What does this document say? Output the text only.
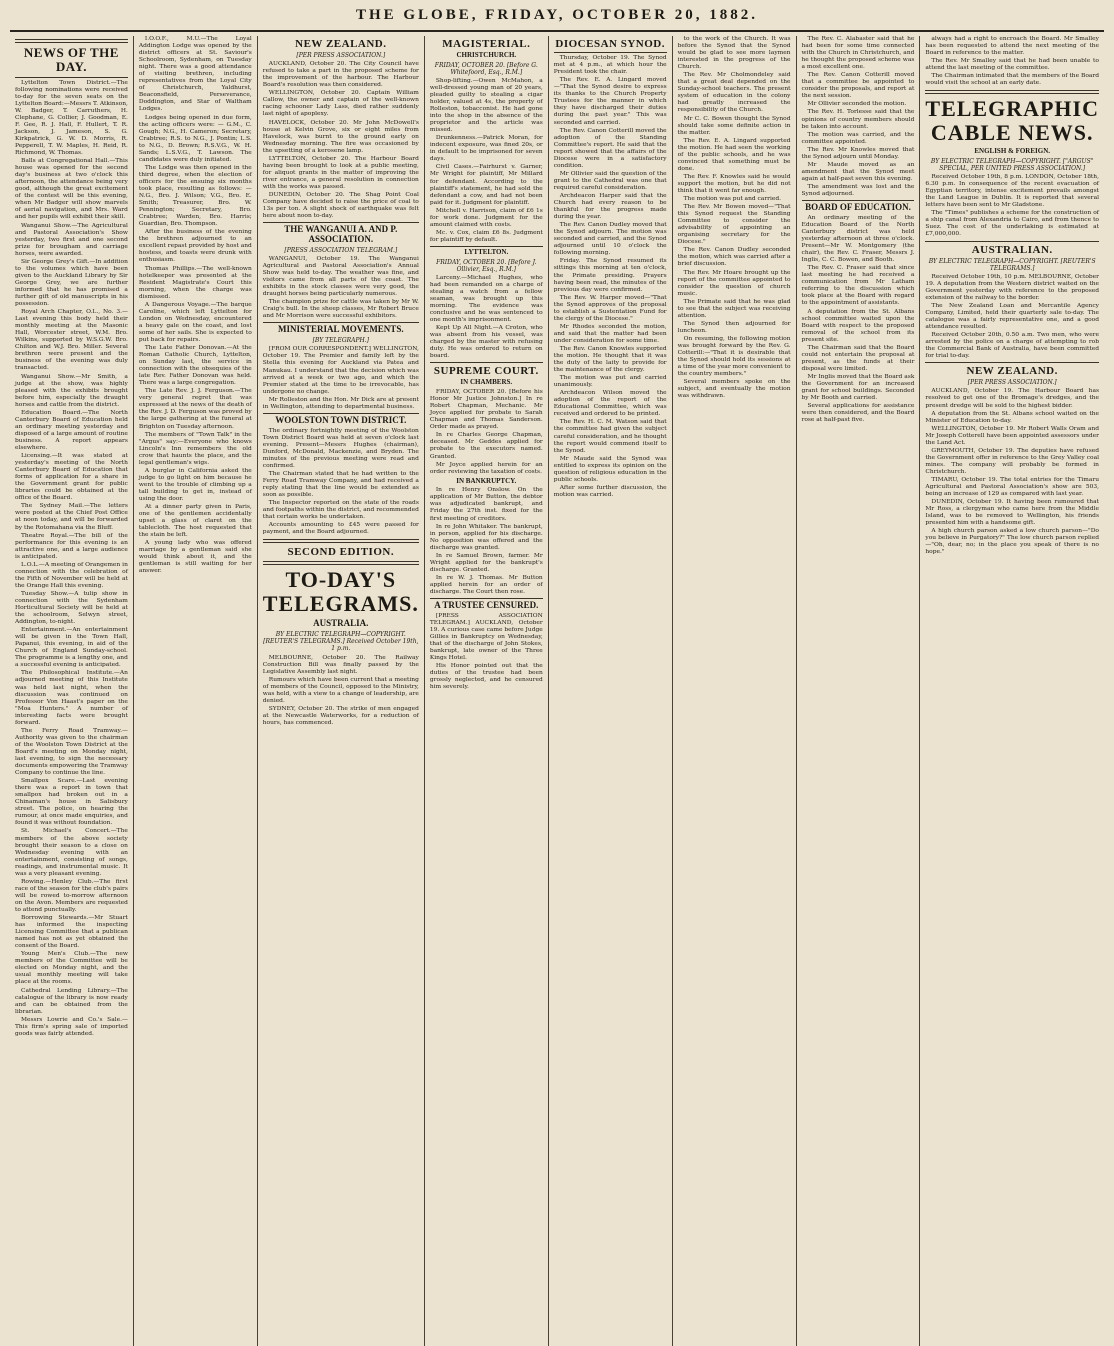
THE GLOBE, FRIDAY, OCTOBER 20, 1882.
NEWS OF THE DAY.

Lyttelton Town District.—The following nominations were received to-day for the seven seats on the Lyttelton Board:—Messrs T. Atkinson, W. Badger, T. Carruthers, H. Clephane, G. Collier, J. Goodman, E. F. Gee, R. J. Hall, F. Hullert, T. R. Jackson, J. Jameson, S. G. Kirkpatrick, G. W. D. Morris, R. Pepperell, T. W. Maples, H. Reid, R. Richmond, W. Thomas.

Balls at Congregational Hall.—This house was opened for the second day's business at two o'clock this afternoon, the attendance being very good, although the great excitement of the contest will be this evening, when Mr Badger will show marvels of aerial navigation, and Mrs. Ward and her pupils will exhibit their skill.

Wanganui Show.—The Agricultural and Pastoral Association's Show yesterday, two first and one second prize for brougham and carriage horses, were awarded.

Sir George Grey's Gift.—In addition to the volumes which have been given to the Auckland Library by Sir George Grey, we are further informed that he has promised a further gift of old manuscripts in his possession.

Royal Arch Chapter, O.L., No. 3.—Last evening this body held their monthly meeting at the Masonic Hall, Worcester street, W.M. Bro. Wilkins, supported by W.S.G.W. Bro. Chilton and W.J. Bro. Miller. Several brethren were present and the business of the evening was duly transacted.

Wanganui Show.—Mr Smith, a judge at the show, was highly pleased with the exhibits brought before him, especially the draught horses and cattle from the district.

Education Board.—The North Canterbury Board of Education held an ordinary meeting yesterday and disposed of a large amount of routine business. A report appears elsewhere.

Licensing.—It was stated at yesterday's meeting of the North Canterbury Board of Education that forms of application for a share in the Government grant for public libraries could be obtained at the office of the Board.

The Sydney Mail.—The letters were posted at the Chief Post Office at noon today, and will be forwarded by the Rotomahana via the Bluff.

Theatre Royal.—The bill of the performance for this evening is an attractive one, and a large audience is anticipated.

L.O.L.—A meeting of Orangemen in connection with the celebration of the Fifth of November will be held at the Orange Hall this evening.

Tuesday Show.—A tulip show in connection with the Sydenham Horticultural Society will be held at the schoolroom, Selwyn street, Addington, to-night.

Entertainment.—An entertainment will be given in the Town Hall, Papanui, this evening, in aid of the Church of England Sunday-school. The programme is a lengthy one, and a successful evening is anticipated.

The Philosophical Institute.—An adjourned meeting of this Institute was held last night, when the discussion was continued on Professor Von Haast's paper on the "Moa Hunters." A number of interesting facts were brought forward.

The Ferry Road Tramway.—Authority was given to the chairman of the Woolston Town District at the Board's meeting on Monday night, last evening, to sign the necessary documents empowering the Tramway Company to continue the line.

Smallpox Scare.—Last evening there was a report in town that smallpox had broken out in a Chinaman's house in Salisbury street. The police, on hearing the rumour, at once made enquiries, and found it was without foundation.

St. Michael's Concert.—The members of the above society brought their season to a close on Wednesday evening with an entertainment, consisting of songs, readings, and instrumental music. It was a very pleasant evening.

Rowing.—Henley Club.—The first race of the season for the club's pairs will be rowed to-morrow afternoon on the Avon. Members are requested to attend punctually.

Borrowing Stewards.—Mr Stuart has informed the inspecting Licensing Committee that a publican named has not as yet obtained the consent of the Board.

Young Men's Club.—The new members of the Committee will be elected on Monday night, and the usual monthly meeting will take place at the rooms.

Cathedral Lending Library.—The catalogue of the library is now ready and can be obtained from the librarian.

Messrs Lowrie and Co.'s Sale.—This firm's spring sale of imported goods was fairly attended.

I.O.O.F., M.U.—The Loyal Addington Lodge was opened by the district officers at St. Saviour's Schoolroom, Sydenham, on Tuesday night. There was a good attendance of visiting brethren, including representatives from the Loyal City of Christchurch, Yaldhurst, Beaconsfield, Perseverance, Doddington, and Star of Waltham Lodges.

Lodges being opened in due form, the acting officers were: — G.M., C. Gough; N.G., H. Cameron; Secretary, Crabtree; R.S. to N.G., J. Pontin; L.S. to N.G., D. Brown; R.S.V.G., W. H. Sands; L.S.V.G., T. Lawson. The candidates were duly initiated.

The Lodge was then opened in the third degree, when the election of officers for the ensuing six months took place, resulting as follows: — N.G., Bro. J. Wilson; V.G., Bro. E. Smith; Treasurer, Bro. W. Pennington; Secretary, Bro. Crabtree; Warden, Bro. Harris; Guardian, Bro. Thompson.

After the business of the evening the brethren adjourned to an excellent repast provided by host and hostess, and toasts were drunk with enthusiasm.

Thomas Phillips.—The well-known hotelkeeper was presented at the Resident Magistrate's Court this morning, when the charge was dismissed.

A Dangerous Voyage.—The barque Caroline, which left Lyttelton for London on Wednesday, encountered a heavy gale on the coast, and lost some of her sails. She is expected to put back for repairs.

The Late Father Donovan.—At the Roman Catholic Church, Lyttelton, on Sunday last, the service in connection with the obsequies of the late Rev. Father Donovan was held. There was a large congregation.

The Late Rev. J. J. Ferguson.—The very general regret that was expressed at the news of the death of the Rev. J. D. Ferguson was proved by the large gathering at the funeral at Brighton on Tuesday afternoon.

The members of "Town Talk" in the "Argus" say:—Everyone who knows Lincoln's Inn remembers the old crow that haunts the place, and the legal gentleman's wigs.

A burglar in California asked the judge to go light on him because he went to the trouble of climbing up a tall building to get in, instead of using the door.

At a dinner party given in Paris, one of the gentlemen accidentally upset a glass of claret on the tablecloth. The host requested that the stain be left.

A young lady who was offered marriage by a gentleman said she would think about it, and the gentleman is still waiting for her answer.

NEW ZEALAND.
[PER PRESS ASSOCIATION.]

AUCKLAND, October 20. The City Council have refused to take a part in the proposed scheme for the improvement of the harbour. The Harbour Board's resolution was then considered.

WELLINGTON, October 20. Captain William Callow, the owner and captain of the well-known racing schooner Lady Lass, died rather suddenly last night of apoplexy.

HAVELOCK, October 20. Mr John McDowell's house at Kelvin Grove, six or eight miles from Havelock, was burnt to the ground early on Wednesday morning. The fire was occasioned by the upsetting of a kerosene lamp.

LYTTELTON, October 20. The Harbour Board having been brought to look at a public meeting, for aliquot grants in the matter of improving the river entrance, a general resolution in connection with the works was passed.

DUNEDIN, October 20. The Shag Point Coal Company have decided to raise the price of coal to 13s per ton. A slight shock of earthquake was felt here about noon to-day.

THE WANGANUI A. AND P. ASSOCIATION.
[PRESS ASSOCIATION TELEGRAM.]

WANGANUI, October 19. The Wanganui Agricultural and Pastoral Association's Annual Show was held to-day. The weather was fine, and visitors came from all parts of the coast. The exhibits in the stock classes were very good, the draught horses being particularly numerous.

The champion prize for cattle was taken by Mr W. Craig's bull. In the sheep classes, Mr Robert Bruce and Mr Morrison were successful exhibitors.

MINISTERIAL MOVEMENTS.
[BY TELEGRAPH.]

[FROM OUR CORRESPONDENT.] WELLINGTON, October 19. The Premier and family left by the Stella this evening for Auckland via Patea and Manukau. I understand that the decision which was arrived at a week or two ago, and which the Premier stated at the time to be irrevocable, has undergone no change.

Mr Rolleston and the Hon. Mr Dick are at present in Wellington, attending to departmental business.

WOOLSTON TOWN DISTRICT.

The ordinary fortnightly meeting of the Woolston Town District Board was held at seven o'clock last evening. Present—Messrs Hughes (chairman), Dunford, McDonald, Mackenzie, and Bryden. The minutes of the previous meeting were read and confirmed.

The Chairman stated that he had written to the Ferry Road Tramway Company, and had received a reply stating that the line would be extended as soon as possible.

The Inspector reported on the state of the roads and footpaths within the district, and recommended that certain works be undertaken.

Accounts amounting to £45 were passed for payment, and the Board adjourned.

SECOND EDITION.
TO-DAY'S TELEGRAMS.
AUSTRALIA.
BY ELECTRIC TELEGRAPH—COPYRIGHT. [REUTER'S TELEGRAMS.] Received October 19th, 1 p.m.

MELBOURNE, October 20. The Railway Construction Bill was finally passed by the Legislative Assembly last night.

Rumours which have been current that a meeting of members of the Council, opposed to the Ministry, was held, with a view to a change of leadership, are denied.

SYDNEY, October 20. The strike of men engaged at the Newcastle Waterworks, for a reduction of hours, has commenced.

MAGISTERIAL.
CHRISTCHURCH.
FRIDAY, OCTOBER 20. [Before G. Whitefoord, Esq., R.M.]

Shop-lifting.—Owen McMahon, a well-dressed young man of 20 years, pleaded guilty to stealing a cigar holder, valued at 4s, the property of Rolleston, tobacconist. He had gone into the shop in the absence of the proprietor and the article was missed.

Drunkenness.—Patrick Moran, for indecent exposure, was fined 20s, or in default to be imprisoned for seven days.

Civil Cases.—Fairhurst v. Garner, Mr Wright for plaintiff, Mr Millard for defendant. According to the plaintiff's statement, he had sold the defendant a cow, and had not been paid for it. Judgment for plaintiff.

Mitchell v. Harrison, claim of £6 1s for work done. Judgment for the amount claimed with costs.

Mc. v. Cox, claim £6 8s. Judgment for plaintiff by default.

LYTTELTON.
FRIDAY, OCTOBER 20. [Before J. Ollivier, Esq., R.M.]

Larceny.—Michael Hughes, who had been remanded on a charge of stealing a watch from a fellow seaman, was brought up this morning. The evidence was conclusive and he was sentenced to one month's imprisonment.

Kept Up All Night.—A Croton, who was absent from his vessel, was charged by the master with refusing duty. He was ordered to return on board.

SUPREME COURT.
IN CHAMBERS.

FRIDAY, OCTOBER 20. [Before his Honor Mr Justice Johnston.] In re Robert Chapman, Mechanic. Mr Joyce applied for probate to Sarah Chapman and Thomas Sanderson. Order made as prayed.

In re Charles George Chapman, deceased. Mr Geddes applied for probate to the executors named. Granted.

Mr Joyce applied herein for an order reviewing the taxation of costs.

IN BANKRUPTCY.

In re Henry Onslow. On the application of Mr Button, the debtor was adjudicated bankrupt, and Friday the 27th inst. fixed for the first meeting of creditors.

In re John Whitaker. The bankrupt, in person, applied for his discharge. No opposition was offered and the discharge was granted.

In re Samuel Brown, farmer. Mr Wright applied for the bankrupt's discharge. Granted.

In re W. J. Thomas. Mr Button applied herein for an order of discharge. The Court then rose.

A TRUSTEE CENSURED.

[PRESS ASSOCIATION TELEGRAM.] AUCKLAND, October 19. A curious case came before Judge Gillies in Bankruptcy on Wednesday, that of the discharge of John Stokes, bankrupt, late owner of the Three Kings Hotel.

His Honor pointed out that the duties of the trustee had been grossly neglected, and he censured him severely.

DIOCESAN SYNOD.

Thursday, October 19. The Synod met at 4 p.m., at which hour the President took the chair.

The Rev. E. A. Lingard moved—"That the Synod desire to express its thanks to the Church Property Trustees for the manner in which they have discharged their duties during the past year." This was seconded and carried.

The Rev. Canon Cotterill moved the adoption of the Standing Committee's report. He said that the report showed that the affairs of the Diocese were in a satisfactory condition.

Mr Ollivier said the question of the grant to the Cathedral was one that required careful consideration.

Archdeacon Harper said that the Church had every reason to be thankful for the progress made during the year.

The Rev. Canon Dudley moved that the Synod adjourn. The motion was seconded and carried, and the Synod adjourned until 10 o'clock the following morning.

Friday. The Synod resumed its sittings this morning at ten o'clock, the Primate presiding. Prayers having been read, the minutes of the previous day were confirmed.

The Rev. W. Harper moved—"That the Synod approves of the proposal to establish a Sustentation Fund for the clergy of the Diocese."

Mr Rhodes seconded the motion, and said that the matter had been under consideration for some time.

The Rev. Canon Knowles supported the motion. He thought that it was the duty of the laity to provide for the maintenance of the clergy.

The motion was put and carried unanimously.

Archdeacon Wilson moved the adoption of the report of the Educational Committee, which was received and ordered to be printed.

The Rev. H. C. M. Watson said that the committee had given the subject careful consideration, and he thought the report would commend itself to the Synod.

Mr Maude said the Synod was entitled to express its opinion on the question of religious education in the public schools.

After some further discussion, the motion was carried.

to the work of the Church. It was before the Synod that the Synod would be glad to see more laymen interested in the progress of the Church.

The Rev. Mr Cholmondeley said that a great deal depended on the Sunday-school teachers. The present system of education in the colony had greatly increased the responsibility of the Church.

Mr C. C. Bowen thought the Synod should take some definite action in the matter.

The Rev. E. A. Lingard supported the motion. He had seen the working of the public schools, and he was convinced that something must be done.

The Rev. F. Knowles said he would support the motion, but he did not think that it went far enough.

The motion was put and carried.

The Rev. Mr Bowen moved—"That this Synod request the Standing Committee to consider the advisability of appointing an organising secretary for the Diocese."

The Rev. Canon Dudley seconded the motion, which was carried after a brief discussion.

The Rev. Mr Hoare brought up the report of the committee appointed to consider the question of church music.

The Primate said that he was glad to see that the subject was receiving attention.

The Synod then adjourned for luncheon.

On resuming, the following motion was brought forward by the Rev. G. Cotterill:—"That it is desirable that the Synod should hold its sessions at a time of the year more convenient to the country members."

Several members spoke on the subject, and eventually the motion was withdrawn.

The Rev. C. Alabaster said that he had been for some time connected with the Church in Christchurch, and he thought the proposed scheme was a most excellent one.

The Rev. Canon Cotterill moved that a committee be appointed to consider the proposals, and report at the next session.

Mr Ollivier seconded the motion.

The Rev. H. Torlesse said that the opinions of country members should be taken into account.

The motion was carried, and the committee appointed.

The Rev. Mr Knowles moved that the Synod adjourn until Monday.

Mr Maude moved as an amendment that the Synod meet again at half-past seven this evening.

The amendment was lost and the Synod adjourned.

BOARD OF EDUCATION.

An ordinary meeting of the Education Board of the North Canterbury district was held yesterday afternoon at three o'clock. Present—Mr W. Montgomery (the chair), the Rev. C. Fraser, Messrs J. Inglis, C. C. Bowen, and Booth.

The Rev. C. Fraser said that since last meeting he had received a communication from Mr Latham referring to the discussion which took place at the Board with regard to the appointment of assistants.

A deputation from the St. Albans school committee waited upon the Board with respect to the proposed removal of the school from its present site.

The Chairman said that the Board could not entertain the proposal at present, as the funds at their disposal were limited.

Mr Inglis moved that the Board ask the Government for an increased grant for school buildings. Seconded by Mr Booth and carried.

Several applications for assistance were then considered, and the Board rose at half-past five.

always had a right to encroach the Board. Mr Smalley has been requested to attend the next meeting of the Board in reference to the matter.

The Rev. Mr Smalley said that he had been unable to attend the last meeting of the committee.

The Chairman intimated that the members of the Board would visit the school at an early date.

TELEGRAPHIC CABLE NEWS.
ENGLISH & FOREIGN.
BY ELECTRIC TELEGRAPH—COPYRIGHT. ["ARGUS" SPECIAL, PER UNITED PRESS ASSOCIATION.]

Received October 19th, 8 p.m. LONDON, October 18th, 6.30 p.m. In consequence of the recent evacuation of Egyptian territory, intense excitement prevails amongst the Land League in Dublin. It is reported that several letters have been sent to Mr Gladstone.

The "Times" publishes a scheme for the construction of a ship canal from Alexandria to Cairo, and from thence to Suez. The cost of the undertaking is estimated at £7,000,000.

AUSTRALIAN.
BY ELECTRIC TELEGRAPH—COPYRIGHT. [REUTER'S TELEGRAMS.]

Received October 19th, 10 p.m. MELBOURNE, October 19. A deputation from the Western district waited on the Government yesterday with reference to the proposed extension of the railway to the border.

The New Zealand Loan and Mercantile Agency Company, Limited, held their quarterly sale to-day. The catalogue was a fairly representative one, and a good attendance resulted.

Received October 20th, 0.50 a.m. Two men, who were arrested by the police on a charge of attempting to rob the Commercial Bank of Australia, have been committed for trial to-day.

NEW ZEALAND.
[PER PRESS ASSOCIATION.]

AUCKLAND, October 19. The Harbour Board has resolved to get one of the Bromage's dredges, and the present dredge will be sold to the highest bidder.

A deputation from the St. Albans school waited on the Minister of Education to-day.

WELLINGTON, October 19. Mr Robert Walls Oram and Mr Joseph Cotterell have been appointed assessors under the Land Act.

GREYMOUTH, October 19. The deputies have refused the Government offer in reference to the Grey Valley coal mines. The company will probably be formed in Christchurch.

TIMARU, October 19. The total entries for the Timaru Agricultural and Pastoral Association's show are 503, being an increase of 129 as compared with last year.

DUNEDIN, October 19. It having been rumoured that Mr Ross, a clergyman who came here from the Middle Island, was to be removed to Wellington, his friends presented him with a handsome gift.

A high church parson asked a low church parson—"Do you believe in Purgatory?" The low church parson replied—"Oh, dear, no; in the place you speak of there is no hope."
